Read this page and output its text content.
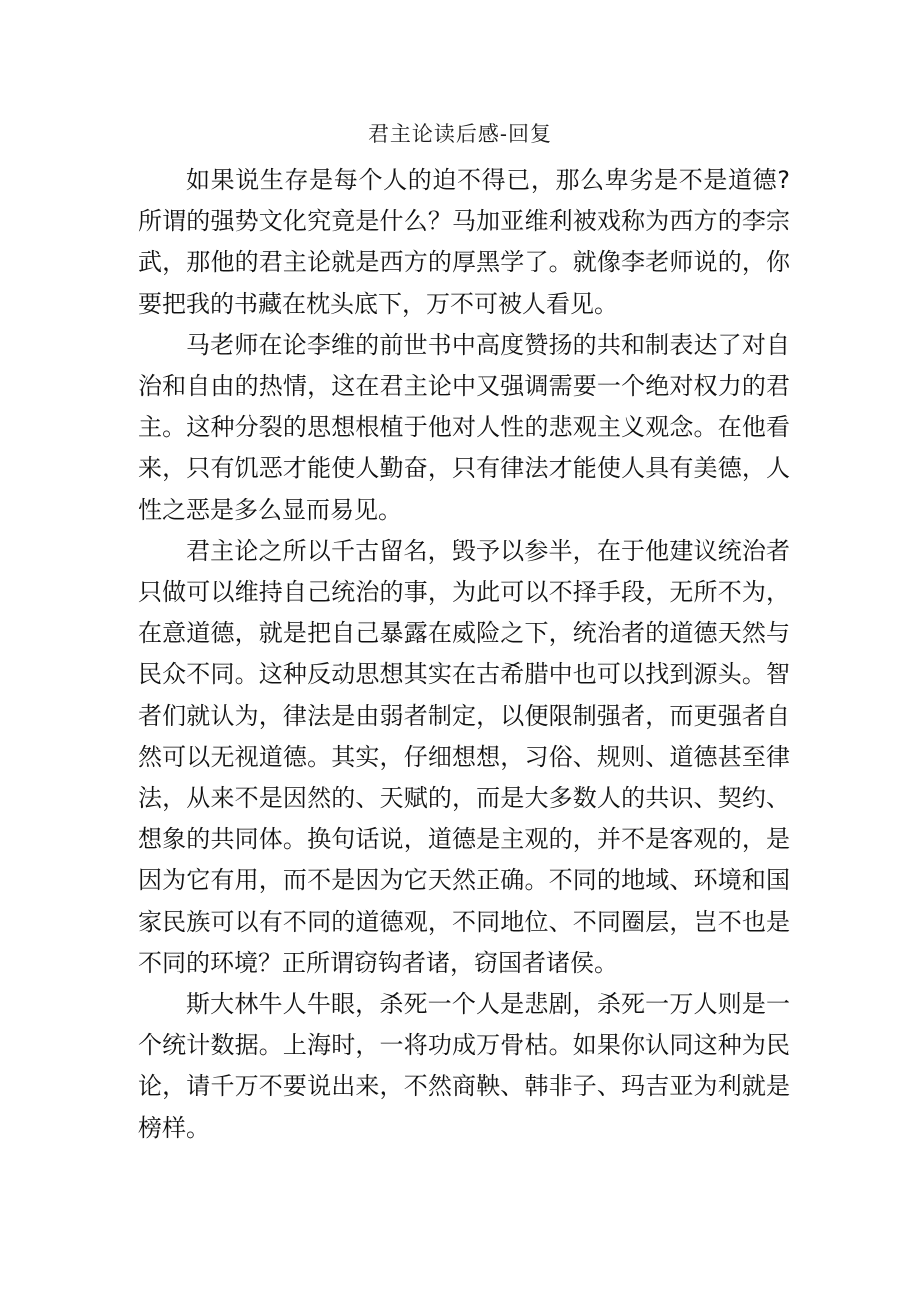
君主论读后感-回复

如果说生存是每个人的迫不得已，那么卑劣是不是道德?所谓的强势文化究竟是什么？马加亚维利被戏称为西方的李宗武，那他的君主论就是西方的厚黑学了。就像李老师说的，你要把我的书藏在枕头底下，万不可被人看见。

马老师在论李维的前世书中高度赞扬的共和制表达了对自治和自由的热情，这在君主论中又强调需要一个绝对权力的君主。这种分裂的思想根植于他对人性的悲观主义观念。在他看来，只有饥恶才能使人勤奋，只有律法才能使人具有美德，人性之恶是多么显而易见。

君主论之所以千古留名，毁予以参半，在于他建议统治者只做可以维持自己统治的事，为此可以不择手段，无所不为，在意道德，就是把自己暴露在威险之下，统治者的道德天然与民众不同。这种反动思想其实在古希腊中也可以找到源头。智者们就认为，律法是由弱者制定，以便限制强者，而更强者自然可以无视道德。其实，仔细想想，习俗、规则、道德甚至律法，从来不是因然的、天赋的，而是大多数人的共识、契约、想象的共同体。换句话说，道德是主观的，并不是客观的，是因为它有用，而不是因为它天然正确。不同的地域、环境和国家民族可以有不同的道德观，不同地位、不同圈层，岂不也是不同的环境？正所谓窃钩者诸，窃国者诸侯。

斯大林牛人牛眼，杀死一个人是悲剧，杀死一万人则是一个统计数据。上海时，一将功成万骨枯。如果你认同这种为民论，请千万不要说出来，不然商鞅、韩非子、玛吉亚为利就是榜样。
